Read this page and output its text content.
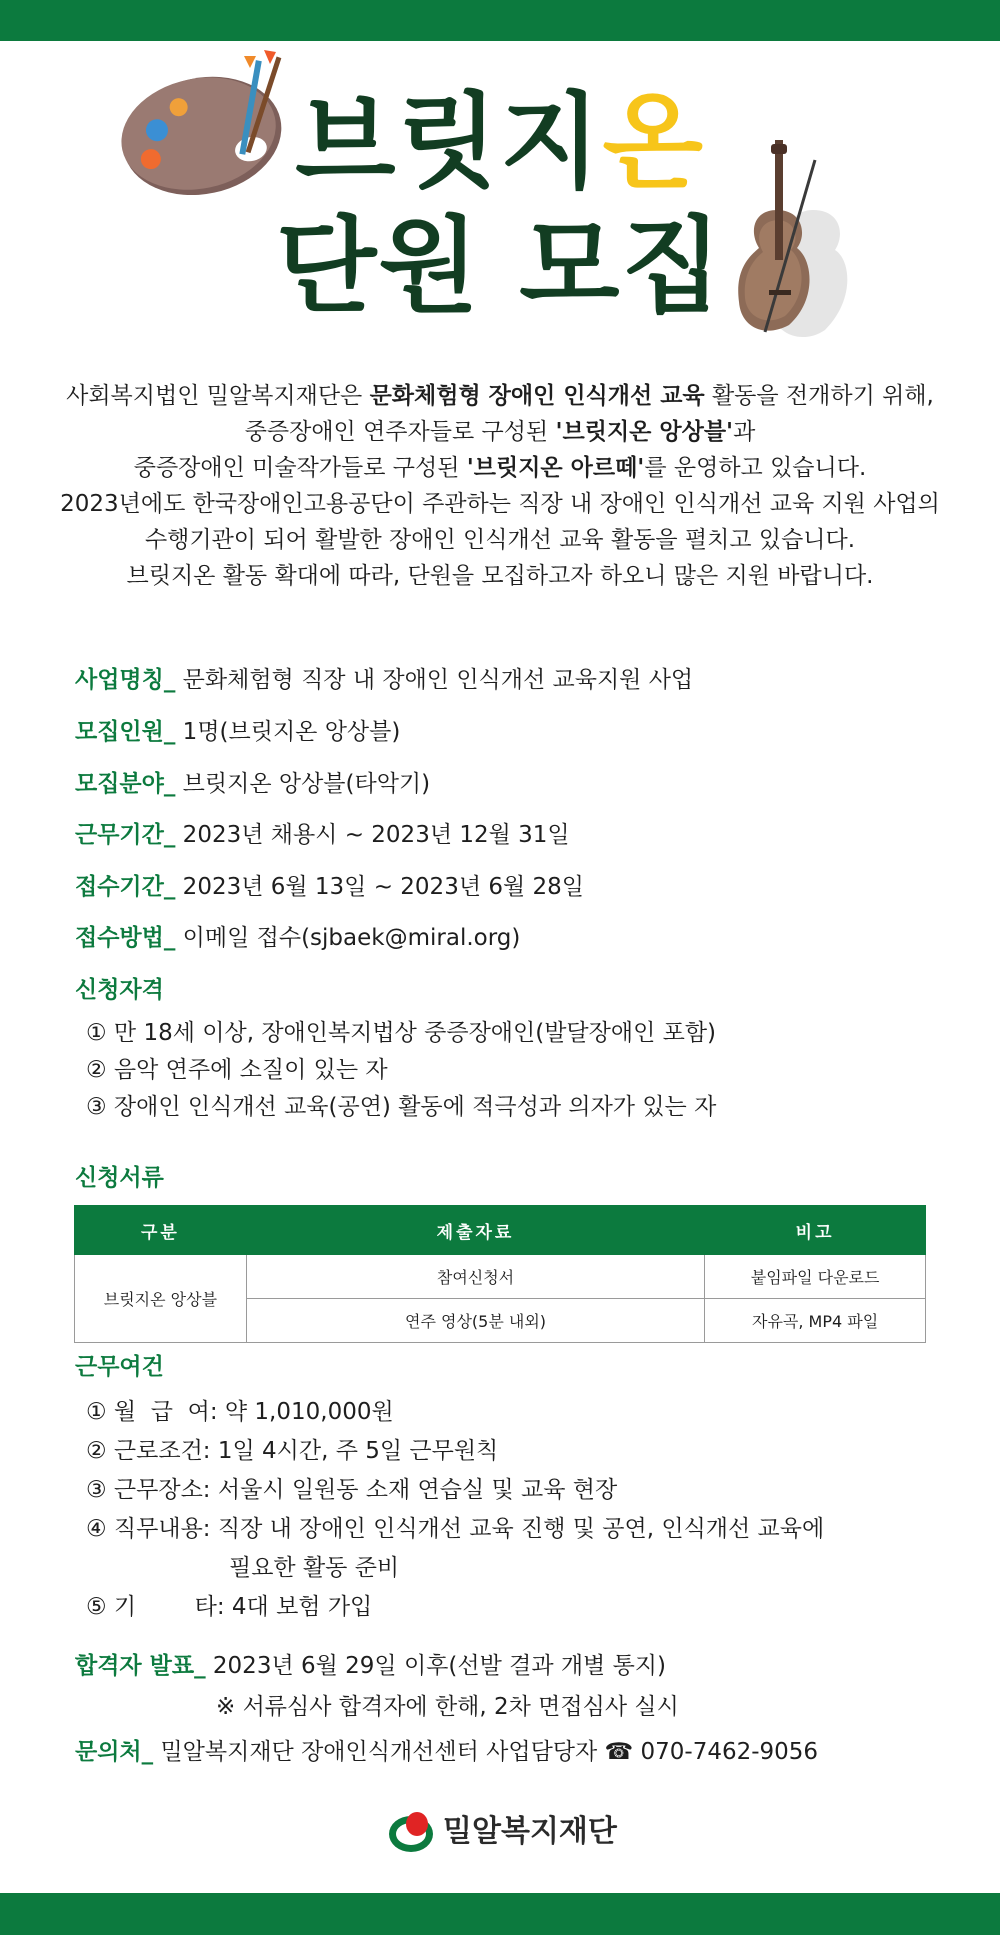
브릿지온
단원 모집
사회복지법인 밀알복지재단은 문화체험형 장애인 인식개선 교육 활동을 전개하기 위해,
중증장애인 연주자들로 구성된 '브릿지온 앙상블'과
중증장애인 미술작가들로 구성된 '브릿지온 아르떼'를 운영하고 있습니다.
2023년에도 한국장애인고용공단이 주관하는 직장 내 장애인 인식개선 교육 지원 사업의
수행기관이 되어 활발한 장애인 인식개선 교육 활동을 펼치고 있습니다.
브릿지온 활동 확대에 따라, 단원을 모집하고자 하오니 많은 지원 바랍니다.
사업명칭_ 문화체험형 직장 내 장애인 인식개선 교육지원 사업
모집인원_ 1명(브릿지온 앙상블)
모집분야_ 브릿지온 앙상블(타악기)
근무기간_ 2023년 채용시 ~ 2023년 12월 31일
접수기간_ 2023년 6월 13일 ~ 2023년 6월 28일
접수방법_ 이메일 접수(sjbaek@miral.org)
신청자격
① 만 18세 이상, 장애인복지법상 중증장애인(발달장애인 포함)
② 음악 연주에 소질이 있는 자
③ 장애인 인식개선 교육(공연) 활동에 적극성과 의자가 있는 자
신청서류
구분	제출자료	비고
브릿지온 앙상블	참여신청서	붙임파일 다운로드
	연주 영상(5분 내외)	자유곡, MP4 파일
근무여건
① 월  급  여: 약 1,010,000원
② 근로조건: 1일 4시간, 주 5일 근무원칙
③ 근무장소: 서울시 일원동 소재 연습실 및 교육 현장
④ 직무내용: 직장 내 장애인 인식개선 교육 진행 및 공연, 인식개선 교육에
필요한 활동 준비
⑤ 기        타: 4대 보험 가입
합격자 발표_ 2023년 6월 29일 이후(선발 결과 개별 통지)
※ 서류심사 합격자에 한해, 2차 면접심사 실시
문의처_ 밀알복지재단 장애인식개선센터 사업담당자 ☎ 070-7462-9056
밀알복지재단
